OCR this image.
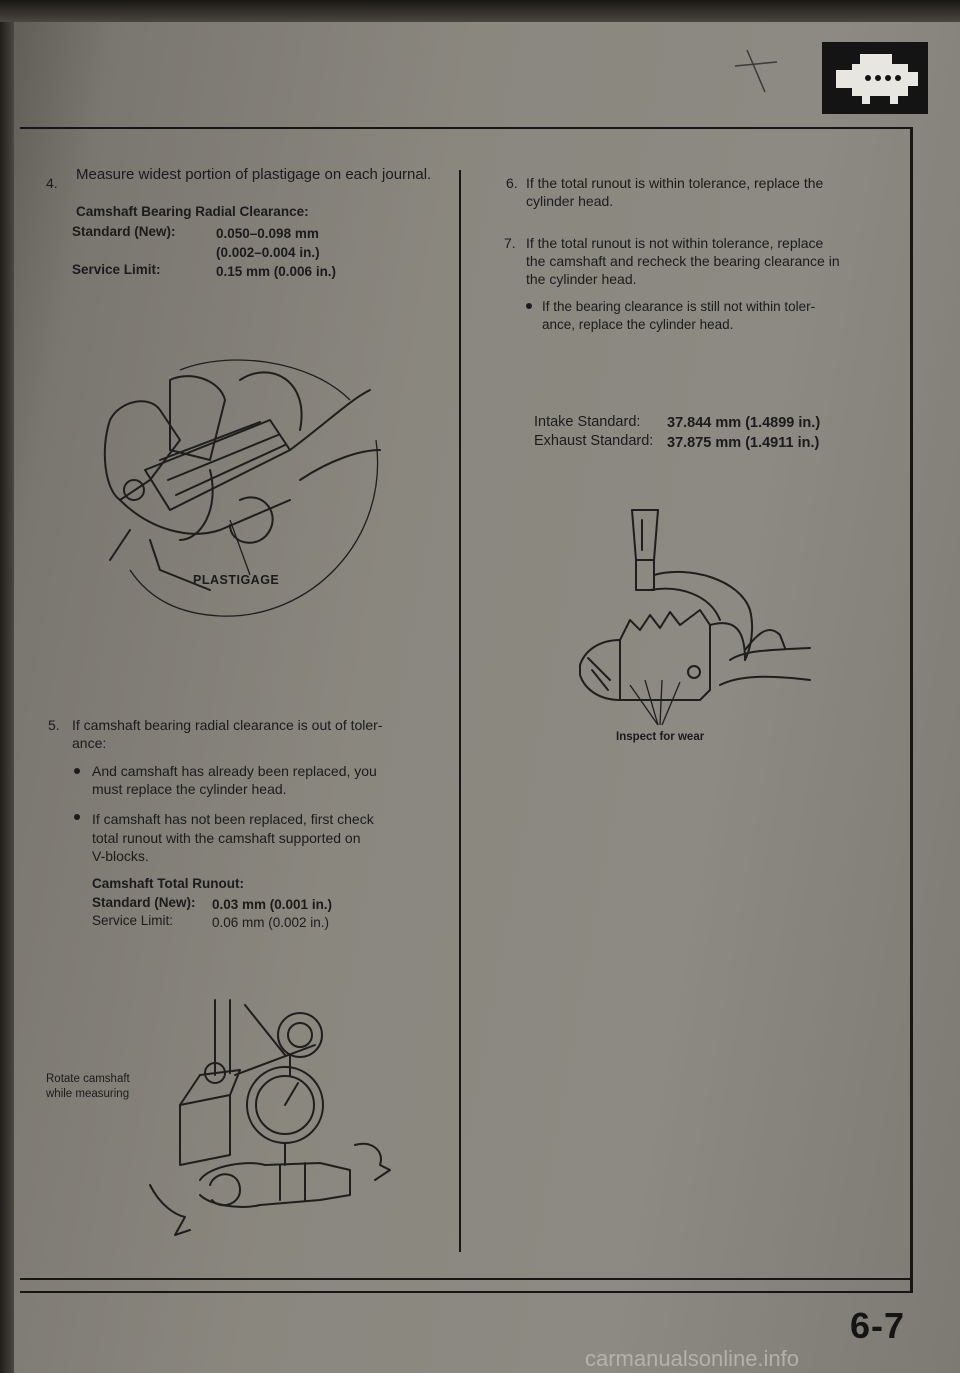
4. Measure widest portion of plastigage on each journal.
Camshaft Bearing Radial Clearance:
Standard (New):	0.050–0.098 mm
(0.002–0.004 in.)
Service Limit:	0.15 mm (0.006 in.)
PLASTIGAGE
5. If camshaft bearing radial clearance is out of toler-
ance:
And camshaft has already been replaced, you
must replace the cylinder head.
If camshaft has not been replaced, first check
total runout with the camshaft supported on
V-blocks.
Camshaft Total Runout:
Standard (New): 0.03 mm (0.001 in.)
Service Limit:	0.06 mm (0.002 in.)
Rotate camshaft
while measuring
6. If the total runout is within tolerance, replace the
cylinder head.
7. If the total runout is not within tolerance, replace
the camshaft and recheck the bearing clearance in
the cylinder head.
If the bearing clearance is still not within toler-
ance, replace the cylinder head.
Intake Standard: 37.844 mm (1.4899 in.)
Exhaust Standard: 37.875 mm (1.4911 in.)
Inspect for wear
6-7
carmanualsonline.info
